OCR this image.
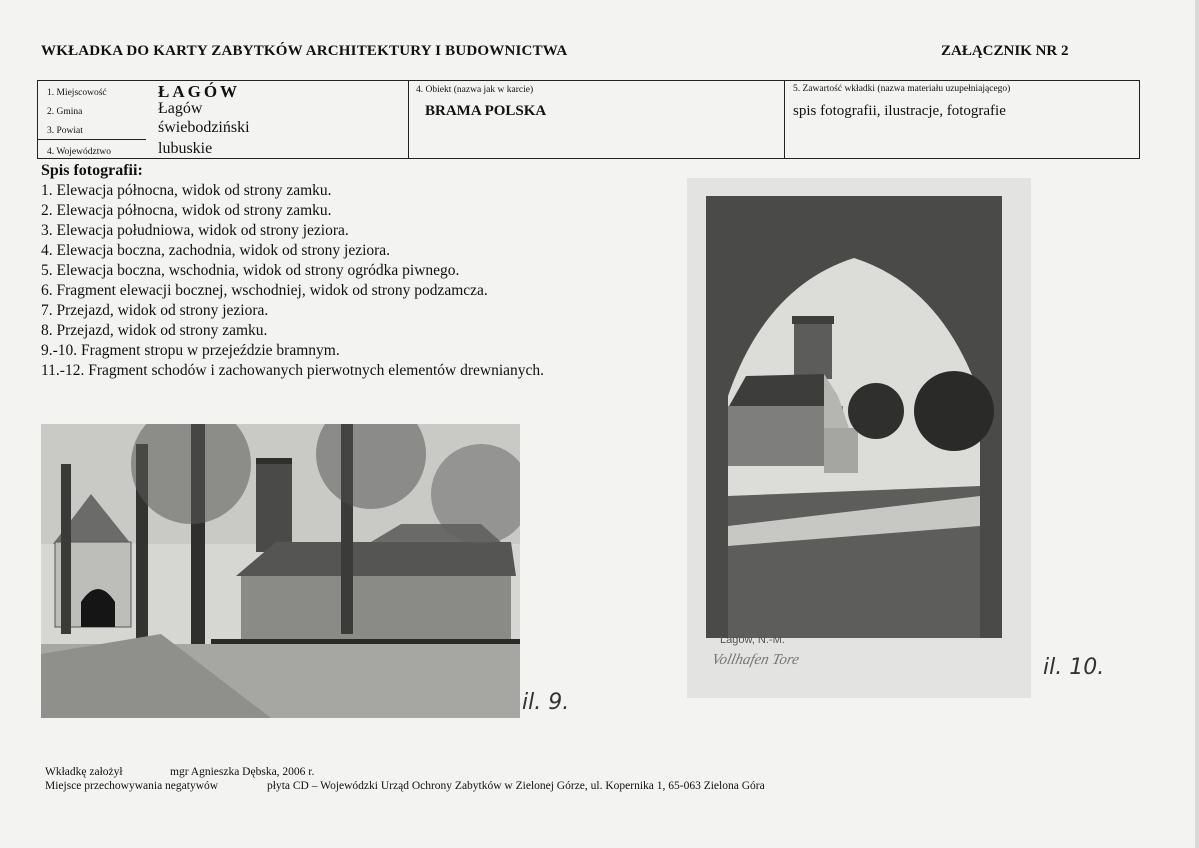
WKŁADKA DO KARTY ZABYTKÓW ARCHITEKTURY I BUDOWNICTWA	ZAŁĄCZNIK NR 2
1. Miejscowość	ŁAGÓW
2. Gmina	Łagów
3. Powiat	świebodziński
4. Województwo	lubuskie
4. Obiekt (nazwa jak w karcie)
BRAMA POLSKA
5. Zawartość wkładki (nazwa materiału uzupełniającego)
spis fotografii, ilustracje, fotografie
Spis fotografii:
1. Elewacja północna, widok od strony zamku.
2. Elewacja północna, widok od strony zamku.
3. Elewacja południowa, widok od strony jeziora.
4. Elewacja boczna, zachodnia, widok od strony jeziora.
5. Elewacja boczna, wschodnia, widok od strony ogródka piwnego.
6. Fragment elewacji bocznej, wschodniej, widok od strony podzamcza.
7. Przejazd, widok od strony jeziora.
8. Przejazd, widok od strony zamku.
9.-10. Fragment stropu w przejeździe bramnym.
11.-12. Fragment schodów i zachowanych pierwotnych elementów drewnianych.
il. 9.
Lagow, N.-M.
Vollhafen Tore	il. 10.
Wkładkę założył	mgr Agnieszka Dębska, 2006 r.
Miejsce przechowywania negatywów	płyta CD – Wojewódzki Urząd Ochrony Zabytków w Zielonej Górze, ul. Kopernika 1, 65-063 Zielona Góra
